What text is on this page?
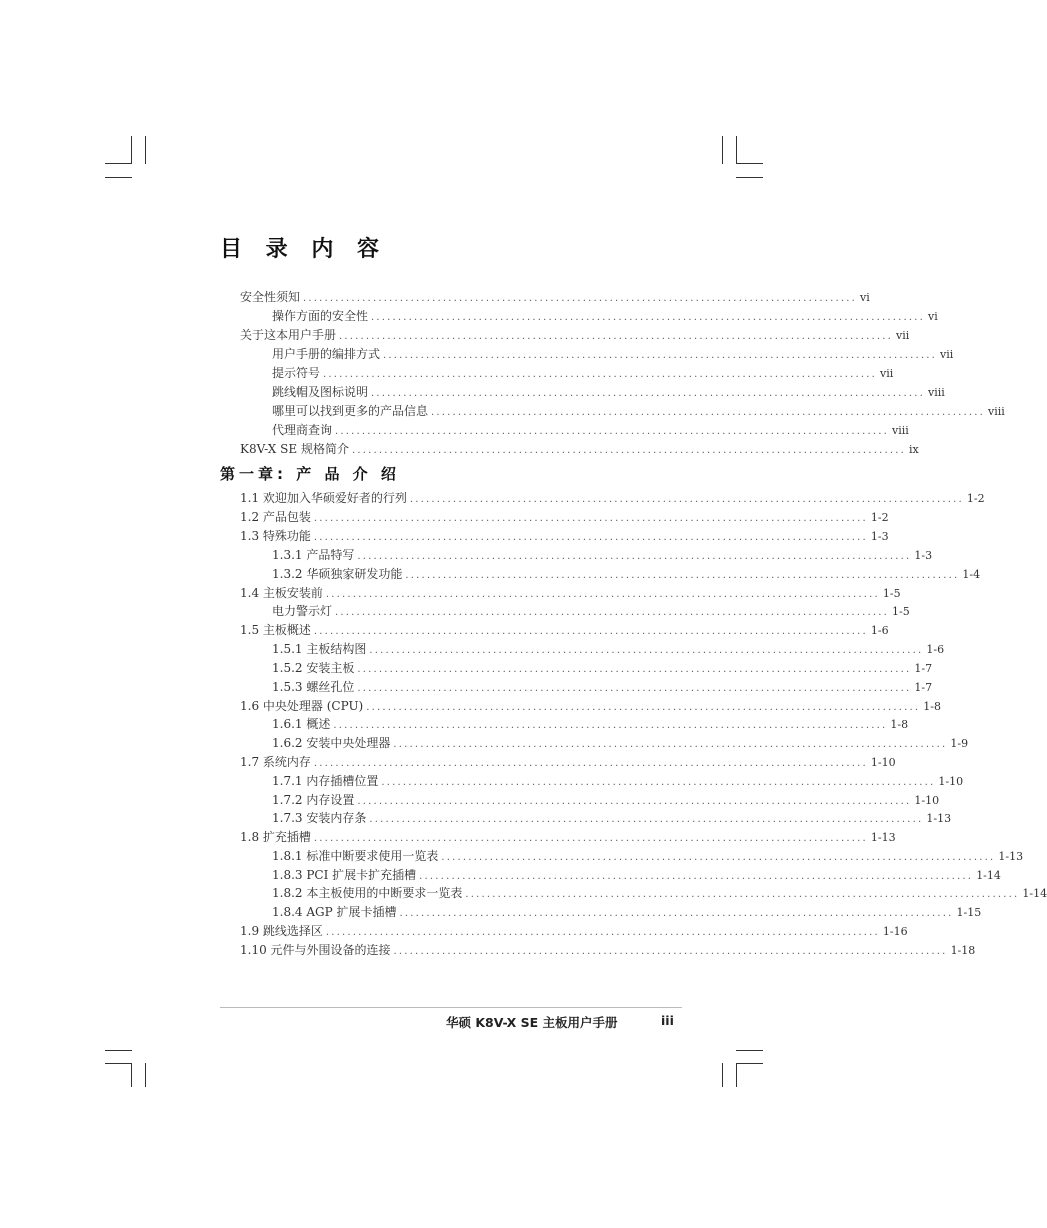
目 录 内 容
安全性须知 ....................................................................................................... vi
操作方面的安全性 ....................................................................................................... vi
关于这本用户手册 ....................................................................................................... vii
用户手册的编排方式 ....................................................................................................... vii
提示符号 ....................................................................................................... vii
跳线帽及图标说明 ....................................................................................................... viii
哪里可以找到更多的产品信息 ....................................................................................................... viii
代理商查询 ....................................................................................................... viii
K8V-X SE 规格简介 ....................................................................................................... ix
第一章: 产 品 介 绍
1.1 欢迎加入华硕爱好者的行列 ....................................................................................................... 1-2
1.2 产品包装 ....................................................................................................... 1-2
1.3 特殊功能 ....................................................................................................... 1-3
1.3.1 产品特写 ....................................................................................................... 1-3
1.3.2 华硕独家研发功能 ....................................................................................................... 1-4
1.4 主板安装前 ....................................................................................................... 1-5
电力警示灯 ....................................................................................................... 1-5
1.5 主板概述 ....................................................................................................... 1-6
1.5.1 主板结构图 ....................................................................................................... 1-6
1.5.2 安装主板 ....................................................................................................... 1-7
1.5.3 螺丝孔位 ....................................................................................................... 1-7
1.6 中央处理器 (CPU) ....................................................................................................... 1-8
1.6.1 概述 ....................................................................................................... 1-8
1.6.2 安装中央处理器 ....................................................................................................... 1-9
1.7 系统内存 ....................................................................................................... 1-10
1.7.1 内存插槽位置 ....................................................................................................... 1-10
1.7.2 内存设置 ....................................................................................................... 1-10
1.7.3 安装内存条 ....................................................................................................... 1-13
1.8 扩充插槽 ....................................................................................................... 1-13
1.8.1 标准中断要求使用一览表 ....................................................................................................... 1-13
1.8.3 PCI 扩展卡扩充插槽 ....................................................................................................... 1-14
1.8.2 本主板使用的中断要求一览表 ....................................................................................................... 1-14
1.8.4 AGP 扩展卡插槽 ....................................................................................................... 1-15
1.9 跳线选择区 ....................................................................................................... 1-16
1.10 元件与外围设备的连接 ....................................................................................................... 1-18
华硕 K8V-X SE 主板用户手册	iii
